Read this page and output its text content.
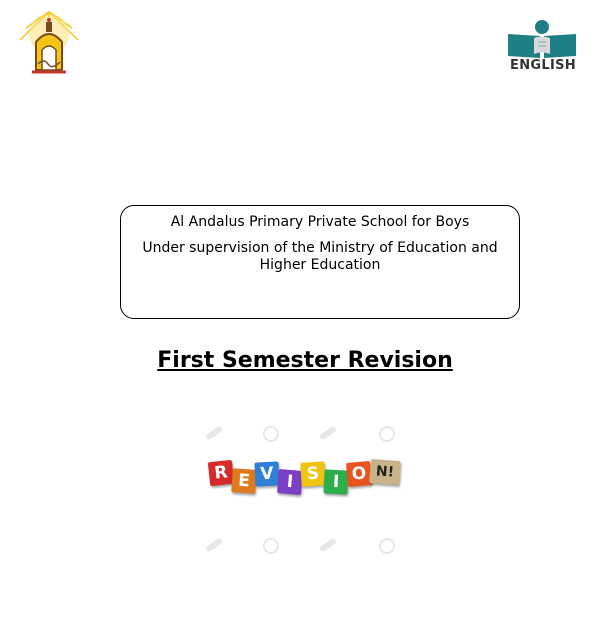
ENGLISH
Al Andalus Primary Private School for Boys
Under supervision of the Ministry of Education and Higher Education
First Semester Revision
R E V I S I O N!
